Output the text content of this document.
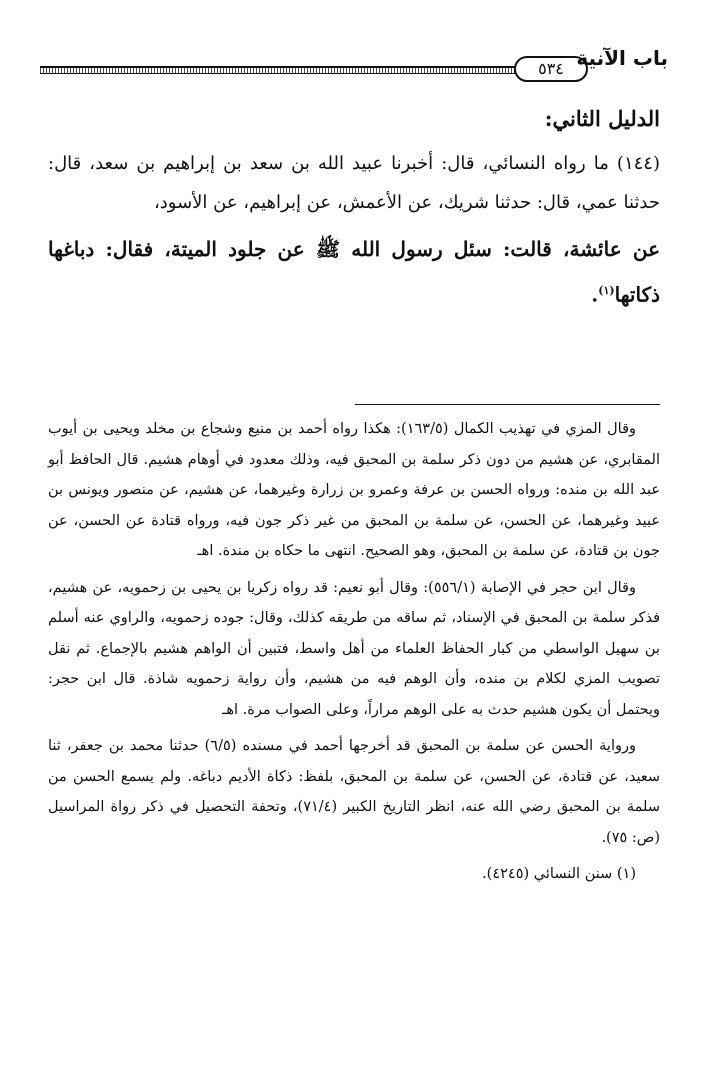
٥٣٤ باب الآنية

الدليل الثاني:

(١٤٤) ما رواه النسائي، قال: أخبرنا عبيد الله بن سعد بن إبراهيم بن سعد، قال: حدثنا عمي، قال: حدثنا شريك، عن الأعمش، عن إبراهيم، عن الأسود،

عن عائشة، قالت: سئل رسول الله ﷺ عن جلود الميتة، فقال: دباغها ذكاتها$^{(١)}$.

وقال المزي في تهذيب الكمال (١٦٣/٥): هكذا رواه أحمد بن منيع وشجاع بن مخلد ويحيى بن أيوب المقابري، عن هشيم من دون ذكر سلمة بن المحبق فيه، وذلك معدود في أوهام هشيم. قال الحافظ أبو عبد الله بن منده: ورواه الحسن بن عرفة وعمرو بن زرارة وغيرهما، عن هشيم، عن منصور ويونس بن عبيد وغيرهما، عن الحسن، عن سلمة بن المحبق من غير ذكر جون فيه، ورواه قتادة عن الحسن، عن جون بن قتادة، عن سلمة بن المحبق، وهو الصحيح. انتهى ما حكاه بن مندة. اهـ

وقال ابن حجر في الإصابة (٥٥٦/١): وقال أبو نعيم: قد رواه زكريا بن يحيى بن زحمويه، عن هشيم، فذكر سلمة بن المحبق في الإسناد، ثم ساقه من طريقه كذلك، وقال: جوده زحمويه، والراوي عنه أسلم بن سهيل الواسطي من كبار الحفاظ العلماء من أهل واسط، فتبين أن الواهم هشيم بالإجماع. ثم نقل تصويب المزي لكلام بن منده، وأن الوهم فيه من هشيم، وأن رواية زحمويه شاذة. قال ابن حجر: ويحتمل أن يكون هشيم حدث به على الوهم مراراً، وعلى الصواب مرة. اهـ

ورواية الحسن عن سلمة بن المحبق قد أخرجها أحمد في مسنده (٦/٥) حدثنا محمد بن جعفر، ثنا سعيد، عن قتادة، عن الحسن، عن سلمة بن المحبق، بلفظ: ذكاة الأديم دباغه. ولم يسمع الحسن من سلمة بن المحبق رضي الله عنه، انظر التاريخ الكبير (٧١/٤)، وتحفة التحصيل في ذكر رواة المراسيل (ص: ٧٥).

(١) سنن النسائي (٤٢٤٥).
